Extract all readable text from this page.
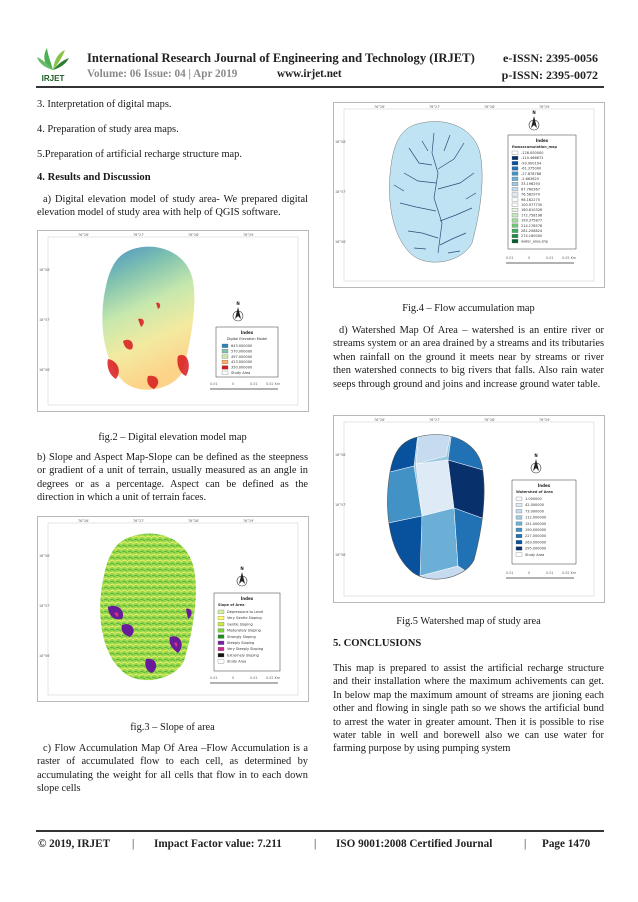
IRJET
International Research Journal of Engineering and Technology (IRJET) e-ISSN: 2395-0056
Volume: 06 Issue: 04 | Apr 2019	www.irjet.net	p-ISSN: 2395-0072
3. Interpretation of digital maps.
4. Preparation of study area maps.
5.Preparation of artificial recharge structure map.
4. Results and Discussion

a) Digital elevation model of study area- We prepared digital elevation model of study area with help of QGIS software.

76°26'	76°27'	76°28'	76°29'
18°58'
18°57'
18°56'
N
Index
Digital Elevation Model
643.000000
570.000000
497.000000
423.000000
350.000000
Study Area
0.01	0	0.01 0.02 Km
fig.2 – Digital elevation model map

b) Slope and Aspect Map-Slope can be defined as the steepness or gradient of a unit of terrain, usually measured as an angle in degrees or as a percentage. Aspect can be defined as the direction in which a unit of terrain faces.

76°26'	76°27'	76°28'	76°29'
18°58'
18°57'
18°56'
N
Index
Slope of Area
Depressions to Level
Very Gentle Sloping
Gentle Sloping
Moderately Sloping
Strongly Sloping
Steeply Sloping
Very Steeply Sloping
Extremely Sloping
Study Area
0.01	0	0.01 0.02 Km
fig.3 – Slope of area

c) Flow Accumulation Map Of Area –Flow Accumulation is a raster of accumulated flow to each cell, as determined by accumulating the weight for all cells that flow in to each down slope cells

76°26'	76°27'	76°28'	76°29'
18°58'
18°57'
18°56'
N
Index
flowaccumulation_map
-128.000000
-110.466672
-93.900194
-61.375000
-27.878788
-2.663625
33.196293
67.760367
76.582979
98.162275
100.977730
160.810326
172.758198
199.375877
214.178578
281.208824
274.180000
water_area.shp
0.01	0	0.01 0.02 Km
Fig.4 – Flow accumulation map

d) Watershed Map Of Area – watershed is an entire river or streams system or an area drained by a streams and its tributaries when rainfall on the ground it meets near by streams or river then watershed connects to big rivers that falls. Also rain water seeps through ground and joins and increase ground water table.

76°26'	76°27'	76°28'	76°29'
18°58'
18°57'
18°56'
N
Index
Watershed of Area
1.000000
42.000000
73.000000
112.000000
151.000000
190.000000
227.000000
263.000000
295.000000
Study Area
0.01	0	0.01 0.02 Km
Fig.5 Watershed map of study area
5. CONCLUSIONS

This map is prepared to assist the artificial recharge structure and their installation where the maximum achivements can get. In below map the maximum amount of streams are jioning each other and flowing in single path so we shows the artificial bund to arrest the water in greater amount. Then it is possible to rise water table in well and borewell also we can use water for farming purpose by using pumping system

© 2019, IRJET | Impact Factor value: 7.211	| ISO 9001:2008 Certified Journal	| Page 1470
